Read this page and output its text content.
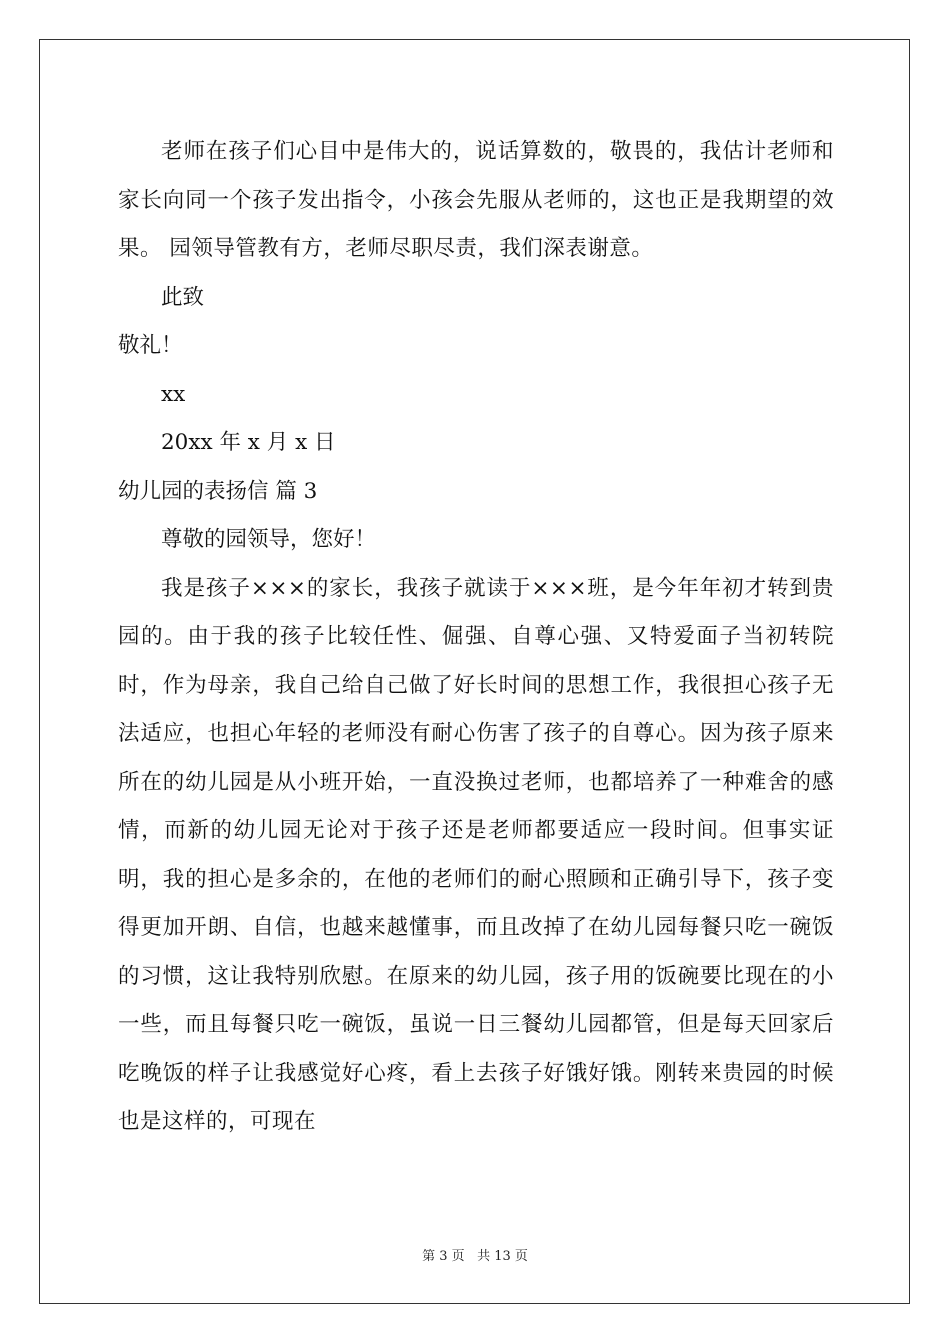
老师在孩子们心目中是伟大的，说话算数的，敬畏的，我估计老师和家长向同一个孩子发出指令，小孩会先服从老师的，这也正是我期望的效果。 园领导管教有方，老师尽职尽责，我们深表谢意。

此致

敬礼！

xx

20xx 年 x 月 x 日

幼儿园的表扬信 篇 3

尊敬的园领导，您好！

我是孩子×××的家长，我孩子就读于×××班，是今年年初才转到贵园的。由于我的孩子比较任性、倔强、自尊心强、又特爱面子当初转院时，作为母亲，我自己给自己做了好长时间的思想工作，我很担心孩子无法适应，也担心年轻的老师没有耐心伤害了孩子的自尊心。因为孩子原来所在的幼儿园是从小班开始，一直没换过老师，也都培养了一种难舍的感情，而新的幼儿园无论对于孩子还是老师都要适应一段时间。但事实证明，我的担心是多余的，在他的老师们的耐心照顾和正确引导下，孩子变得更加开朗、自信，也越来越懂事，而且改掉了在幼儿园每餐只吃一碗饭的习惯，这让我特别欣慰。在原来的幼儿园，孩子用的饭碗要比现在的小一些，而且每餐只吃一碗饭，虽说一日三餐幼儿园都管，但是每天回家后吃晚饭的样子让我感觉好心疼，看上去孩子好饿好饿。刚转来贵园的时候也是这样的，可现在

第 3 页 共 13 页
